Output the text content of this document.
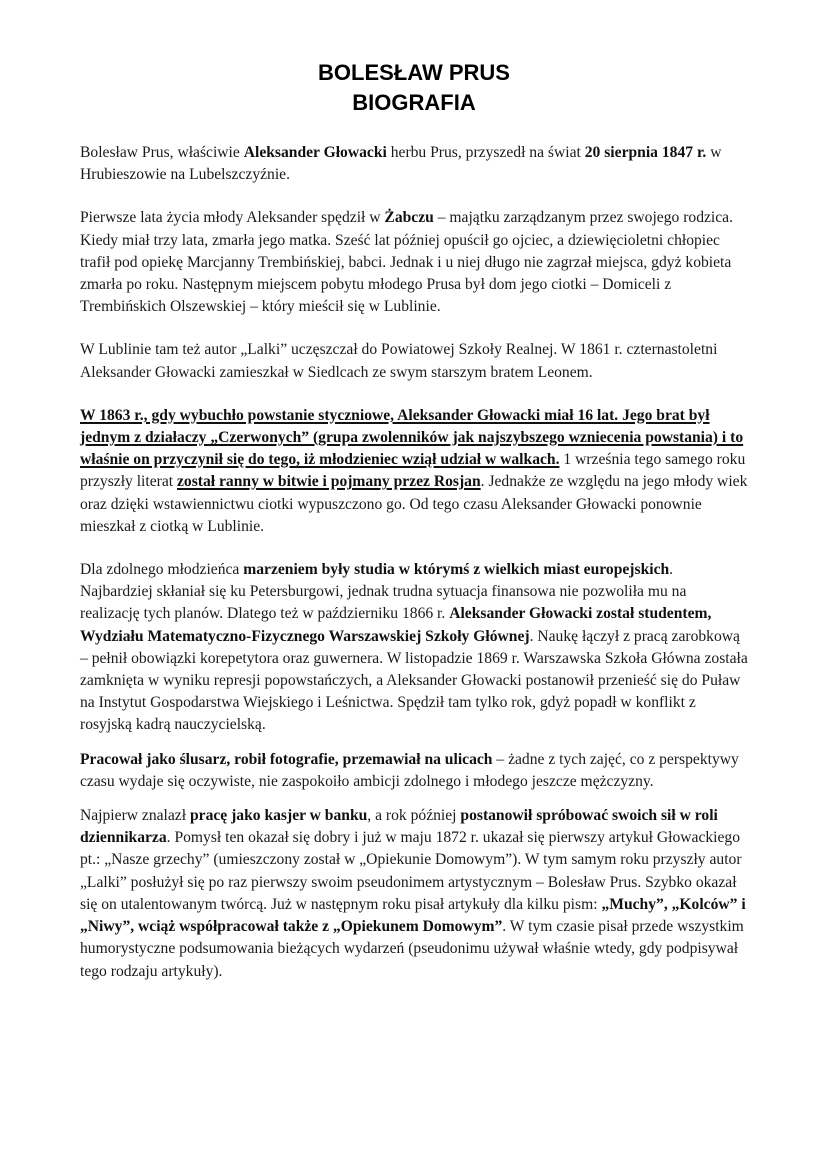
BOLESŁAW PRUS
BIOGRAFIA

Bolesław Prus, właściwie Aleksander Głowacki herbu Prus, przyszedł na świat 20 sierpnia 1847 r. w Hrubieszowie na Lubelszczyźnie.

Pierwsze lata życia młody Aleksander spędził w Żabczu – majątku zarządzanym przez swojego rodzica. Kiedy miał trzy lata, zmarła jego matka. Sześć lat później opuścił go ojciec, a dziewięcioletni chłopiec trafił pod opiekę Marcjanny Trembińskiej, babci. Jednak i u niej długo nie zagrzał miejsca, gdyż kobieta zmarła po roku. Następnym miejscem pobytu młodego Prusa był dom jego ciotki – Domiceli z Trembińskich Olszewskiej – który mieścił się w Lublinie.

W Lublinie tam też autor „Lalki” uczęszczał do Powiatowej Szkoły Realnej. W 1861 r. czternastoletni Aleksander Głowacki zamieszkał w Siedlcach ze swym starszym bratem Leonem.

W 1863 r., gdy wybuchło powstanie styczniowe, Aleksander Głowacki miał 16 lat. Jego brat był jednym z działaczy „Czerwonych” (grupa zwolenników jak najszybszego wzniecenia powstania) i to właśnie on przyczynił się do tego, iż młodzieniec wziął udział w walkach. 1 września tego samego roku przyszły literat został ranny w bitwie i pojmany przez Rosjan. Jednakże ze względu na jego młody wiek oraz dzięki wstawiennictwu ciotki wypuszczono go. Od tego czasu Aleksander Głowacki ponownie mieszkał z ciotką w Lublinie.

Dla zdolnego młodzieńca marzeniem były studia w którymś z wielkich miast europejskich. Najbardziej skłaniał się ku Petersburgowi, jednak trudna sytuacja finansowa nie pozwoliła mu na realizację tych planów. Dlatego też w październiku 1866 r. Aleksander Głowacki został studentem, Wydziału Matematyczno-Fizycznego Warszawskiej Szkoły Głównej. Naukę łączył z pracą zarobkową – pełnił obowiązki korepetytora oraz guwernera. W listopadzie 1869 r. Warszawska Szkoła Główna została zamknięta w wyniku represji popowstańczych, a Aleksander Głowacki postanowił przenieść się do Puław na Instytut Gospodarstwa Wiejskiego i Leśnictwa. Spędził tam tylko rok, gdyż popadł w konflikt z rosyjską kadrą nauczycielską.

Pracował jako ślusarz, robił fotografie, przemawiał na ulicach – żadne z tych zajęć, co z perspektywy czasu wydaje się oczywiste, nie zaspokoiło ambicji zdolnego i młodego jeszcze mężczyzny.

Najpierw znalazł pracę jako kasjer w banku, a rok później postanowił spróbować swoich sił w roli dziennikarza. Pomysł ten okazał się dobry i już w maju 1872 r. ukazał się pierwszy artykuł Głowackiego pt.: „Nasze grzechy” (umieszczony został w „Opiekunie Domowym”). W tym samym roku przyszły autor „Lalki” posłużył się po raz pierwszy swoim pseudonimem artystycznym – Bolesław Prus. Szybko okazał się on utalentowanym twórcą. Już w następnym roku pisał artykuły dla kilku pism: „Muchy”, „Kolców” i „Niwy”, wciąż współpracował także z „Opiekunem Domowym”. W tym czasie pisał przede wszystkim humorystyczne podsumowania bieżących wydarzeń (pseudonimu używał właśnie wtedy, gdy podpisywał tego rodzaju artykuły).
